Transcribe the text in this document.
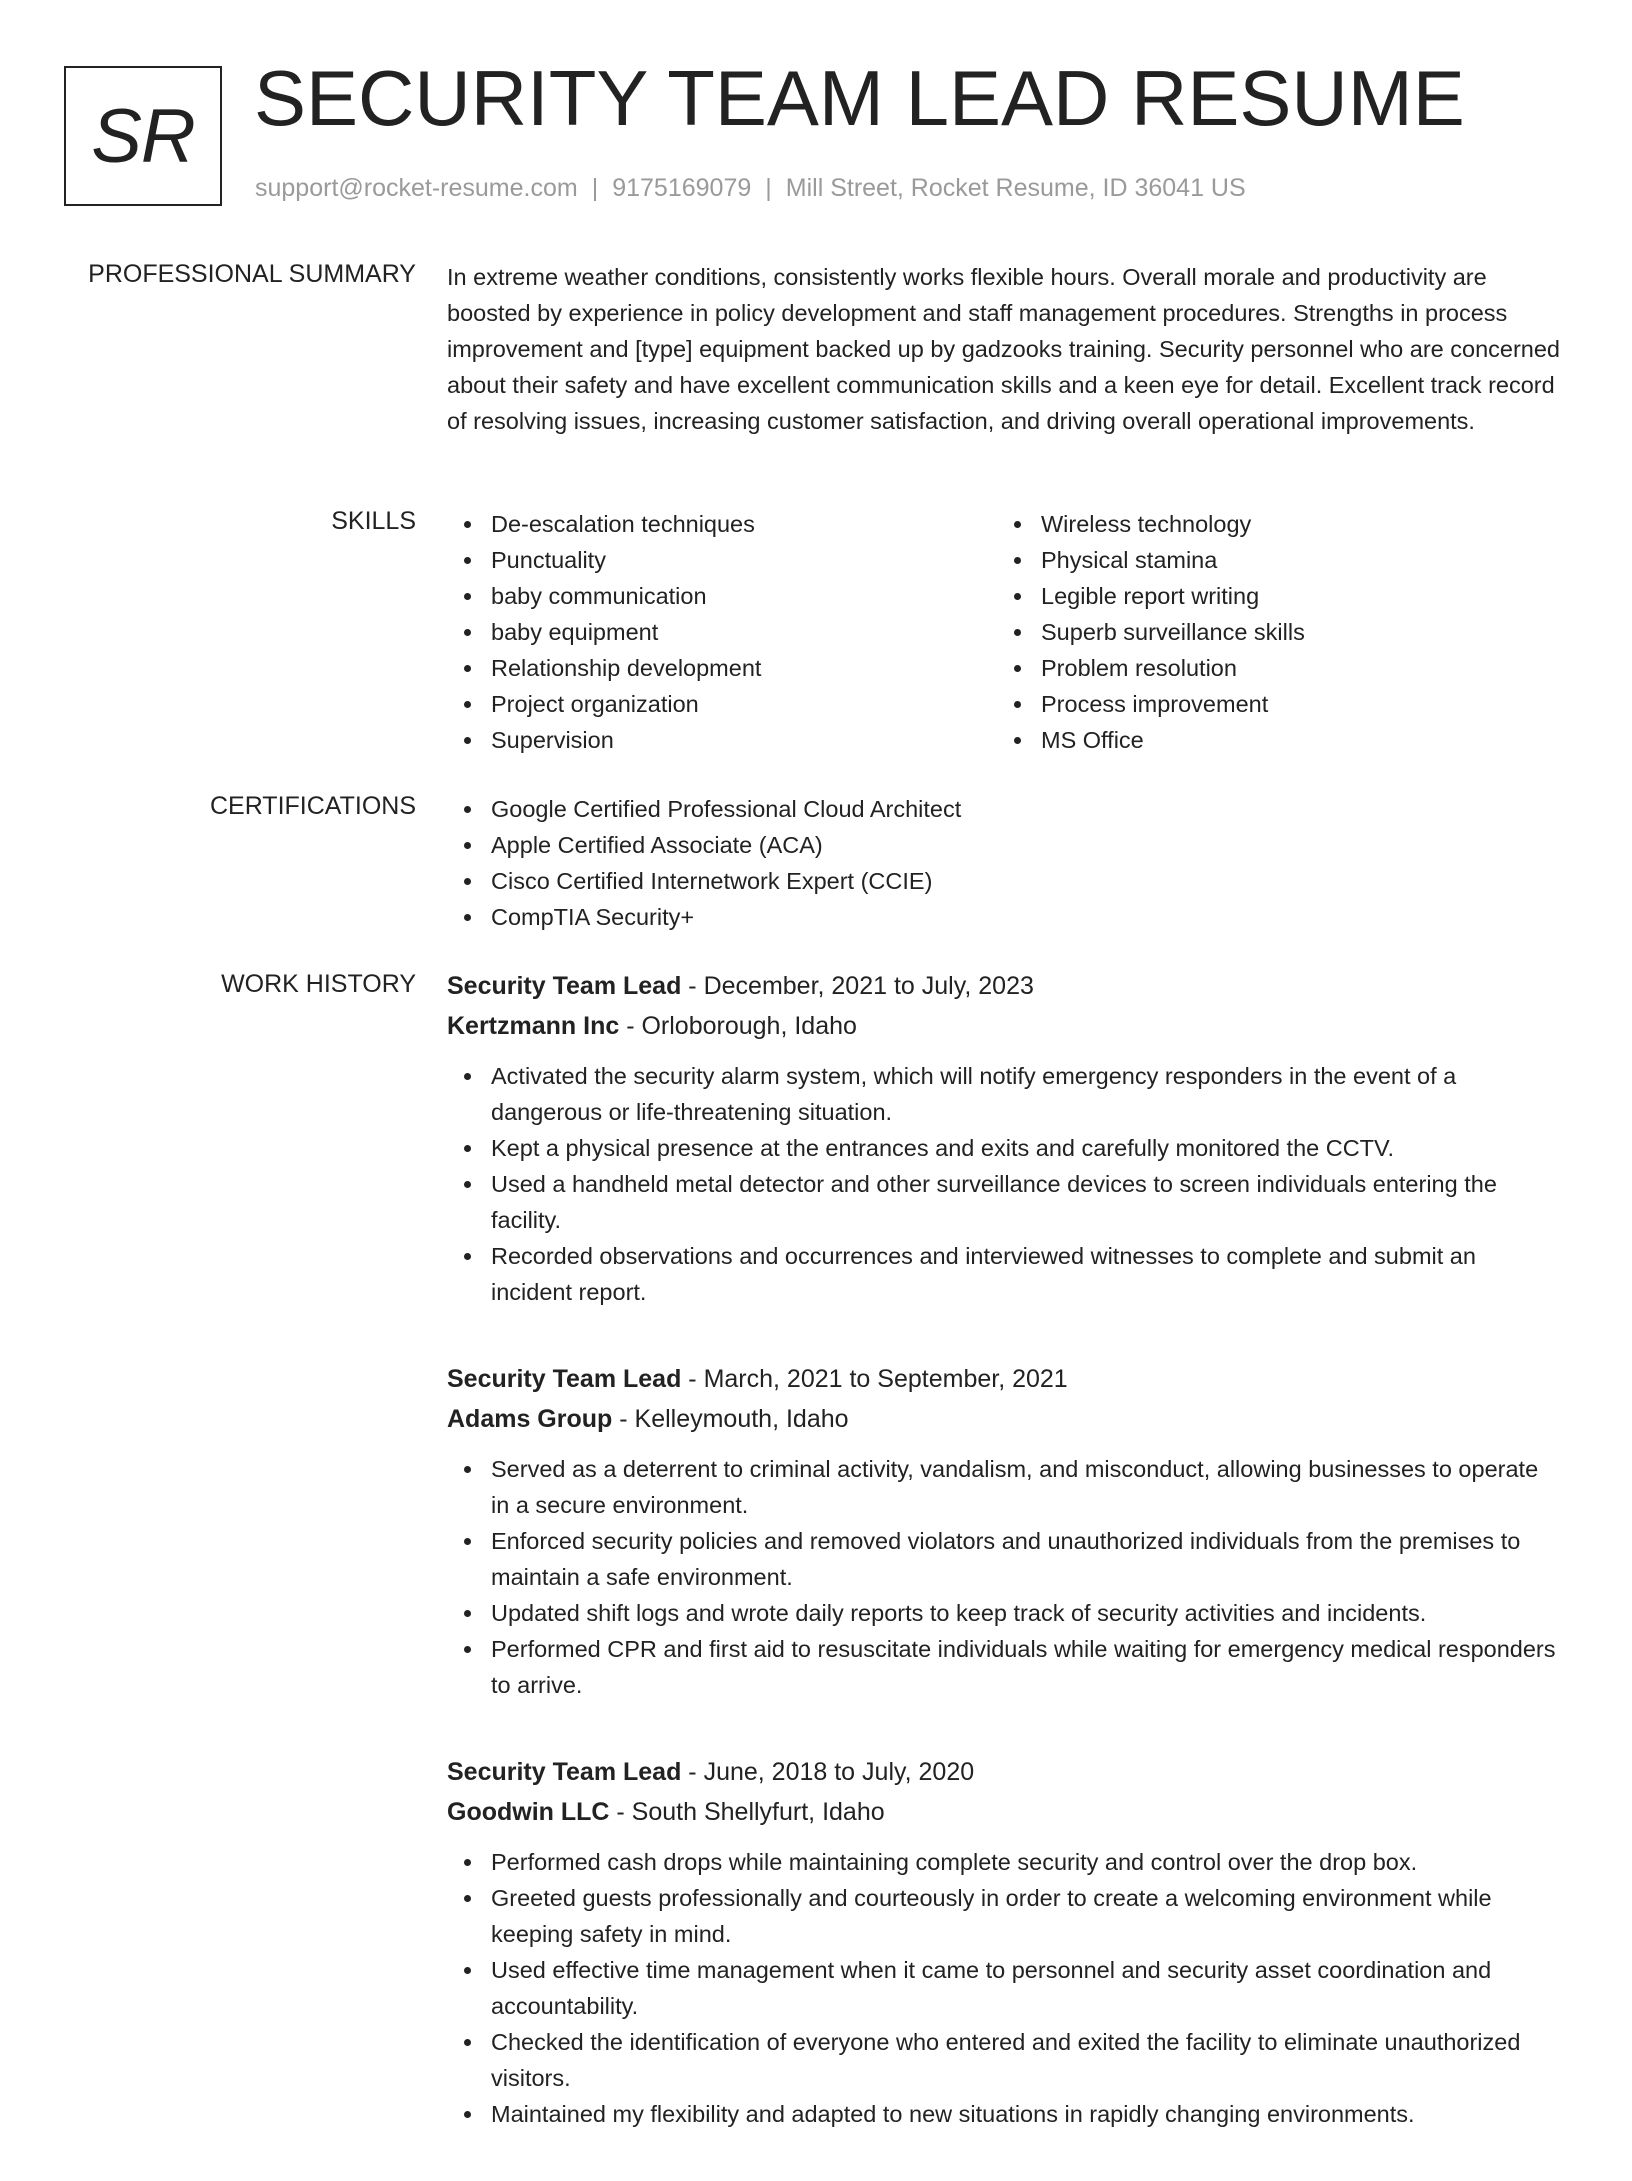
SR SECURITY TEAM LEAD RESUME
support@rocket-resume.com | 9175169079 | Mill Street, Rocket Resume, ID 36041 US
PROFESSIONAL SUMMARY In extreme weather conditions, consistently works flexible hours. Overall morale and productivity are boosted by experience in policy development and staff management procedures. Strengths in process improvement and [type] equipment backed up by gadzooks training. Security personnel who are concerned about their safety and have excellent communication skills and a keen eye for detail. Excellent track record of resolving issues, increasing customer satisfaction, and driving overall operational improvements.

SKILLS	De-escalation techniques
Punctuality
baby communication
baby equipment
Relationship development
Project organization
Supervision
Wireless technology
Physical stamina
Legible report writing
Superb surveillance skills
Problem resolution
Process improvement
MS Office
CERTIFICATIONS	Google Certified Professional Cloud Architect
Apple Certified Associate (ACA)
Cisco Certified Internetwork Expert (CCIE)
CompTIA Security+
WORK HISTORY Security Team Lead - December, 2021 to July, 2023
Kertzmann Inc - Orloborough, Idaho
Activated the security alarm system, which will notify emergency responders in the event of a dangerous or life-threatening situation.
Kept a physical presence at the entrances and exits and carefully monitored the CCTV.
Used a handheld metal detector and other surveillance devices to screen individuals entering the facility.
Recorded observations and occurrences and interviewed witnesses to complete and submit an incident report.
Security Team Lead - March, 2021 to September, 2021
Adams Group - Kelleymouth, Idaho
Served as a deterrent to criminal activity, vandalism, and misconduct, allowing businesses to operate in a secure environment.
Enforced security policies and removed violators and unauthorized individuals from the premises to maintain a safe environment.
Updated shift logs and wrote daily reports to keep track of security activities and incidents.
Performed CPR and first aid to resuscitate individuals while waiting for emergency medical responders to arrive.
Security Team Lead - June, 2018 to July, 2020
Goodwin LLC - South Shellyfurt, Idaho
Performed cash drops while maintaining complete security and control over the drop box.
Greeted guests professionally and courteously in order to create a welcoming environment while keeping safety in mind.
Used effective time management when it came to personnel and security asset coordination and accountability.
Checked the identification of everyone who entered and exited the facility to eliminate unauthorized visitors.
Maintained my flexibility and adapted to new situations in rapidly changing environments.
